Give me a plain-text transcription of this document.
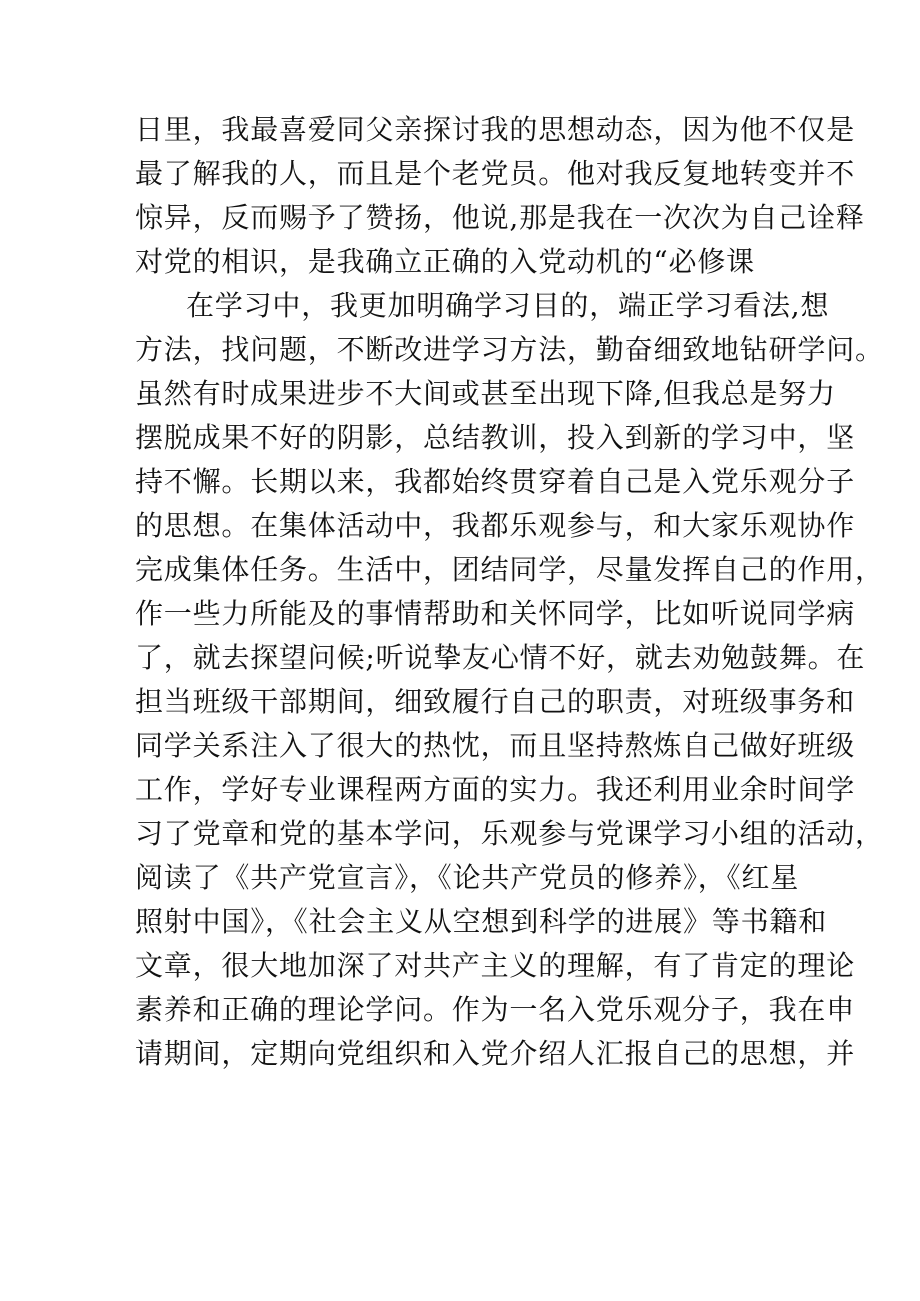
日里，我最喜爱同父亲探讨我的思想动态，因为他不仅是
最了解我的人，而且是个老党员。他对我反复地转变并不
惊异，反而赐予了赞扬，他说,那是我在一次次为自己诠释
对党的相识，是我确立正确的入党动机的“必修课
在学习中，我更加明确学习目的，端正学习看法,想
方法，找问题，不断改进学习方法，勤奋细致地钻研学问。
虽然有时成果进步不大间或甚至出现下降,但我总是努力
摆脱成果不好的阴影，总结教训，投入到新的学习中，坚
持不懈。长期以来，我都始终贯穿着自己是入党乐观分子
的思想。在集体活动中，我都乐观参与，和大家乐观协作
完成集体任务。生活中，团结同学，尽量发挥自己的作用，
作一些力所能及的事情帮助和关怀同学，比如听说同学病
了，就去探望问候;听说挚友心情不好，就去劝勉鼓舞。在
担当班级干部期间，细致履行自己的职责，对班级事务和
同学关系注入了很大的热忱，而且坚持熬炼自己做好班级
工作，学好专业课程两方面的实力。我还利用业余时间学
习了党章和党的基本学问，乐观参与党课学习小组的活动，
阅读了《共产党宣言》，《论共产党员的修养》，《红星
照射中国》，《社会主义从空想到科学的进展》等书籍和
文章，很大地加深了对共产主义的理解，有了肯定的理论
素养和正确的理论学问。作为一名入党乐观分子，我在申
请期间，定期向党组织和入党介绍人汇报自己的思想，并
